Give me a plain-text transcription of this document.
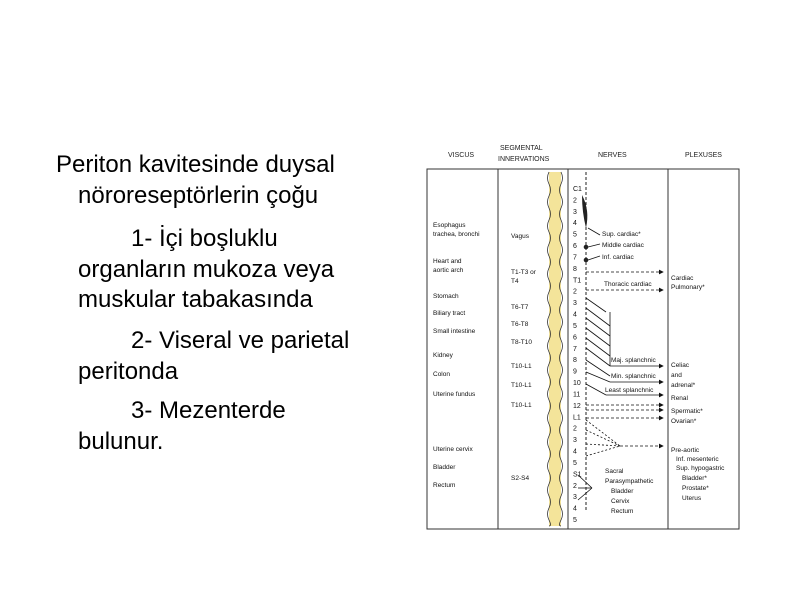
Periton kavitesinde duysal
nöroreseptörlerin çoğu
1- İçi boşluklu
organların mukoza veya
muskular tabakasında
2- Viseral ve parietal
peritonda
3- Mezenterde
bulunur.
VISCUS
SEGMENTAL
INNERVATIONS
NERVES	PLEXUSES
Sup. cardiac*
Middle cardiac
Inf. cardiac
Thoracic cardiac
Maj. splanchnic
Min. splanchnic
Least splanchnic
Sacral
Parasympathetic
Bladder
Cervix
Rectum
Cardiac
Pulmonary*
Celiac
and
adrenal*
Renal
Spermatic*
Ovarian*
Pre-aortic
Inf. mesenteric
Sup. hypogastric
Bladder*
Prostate*
Uterus
C1
2
3
4
5
6
7
8
T1
2
3
4
5
6
7
8
9
10
11
12
L1
2
3
4
5
S1
2
3
4
5
Esophagus
trachea, bronchi
Heart and
aortic arch
Stomach
Biliary tract
Small intestine
Kidney
Colon
Uterine fundus
Uterine cervix
Bladder
Rectum
Vagus
T1-T3 or
T4
T6-T7
T6-T8
T8-T10
T10-L1
T10-L1
T10-L1
S2-S4
